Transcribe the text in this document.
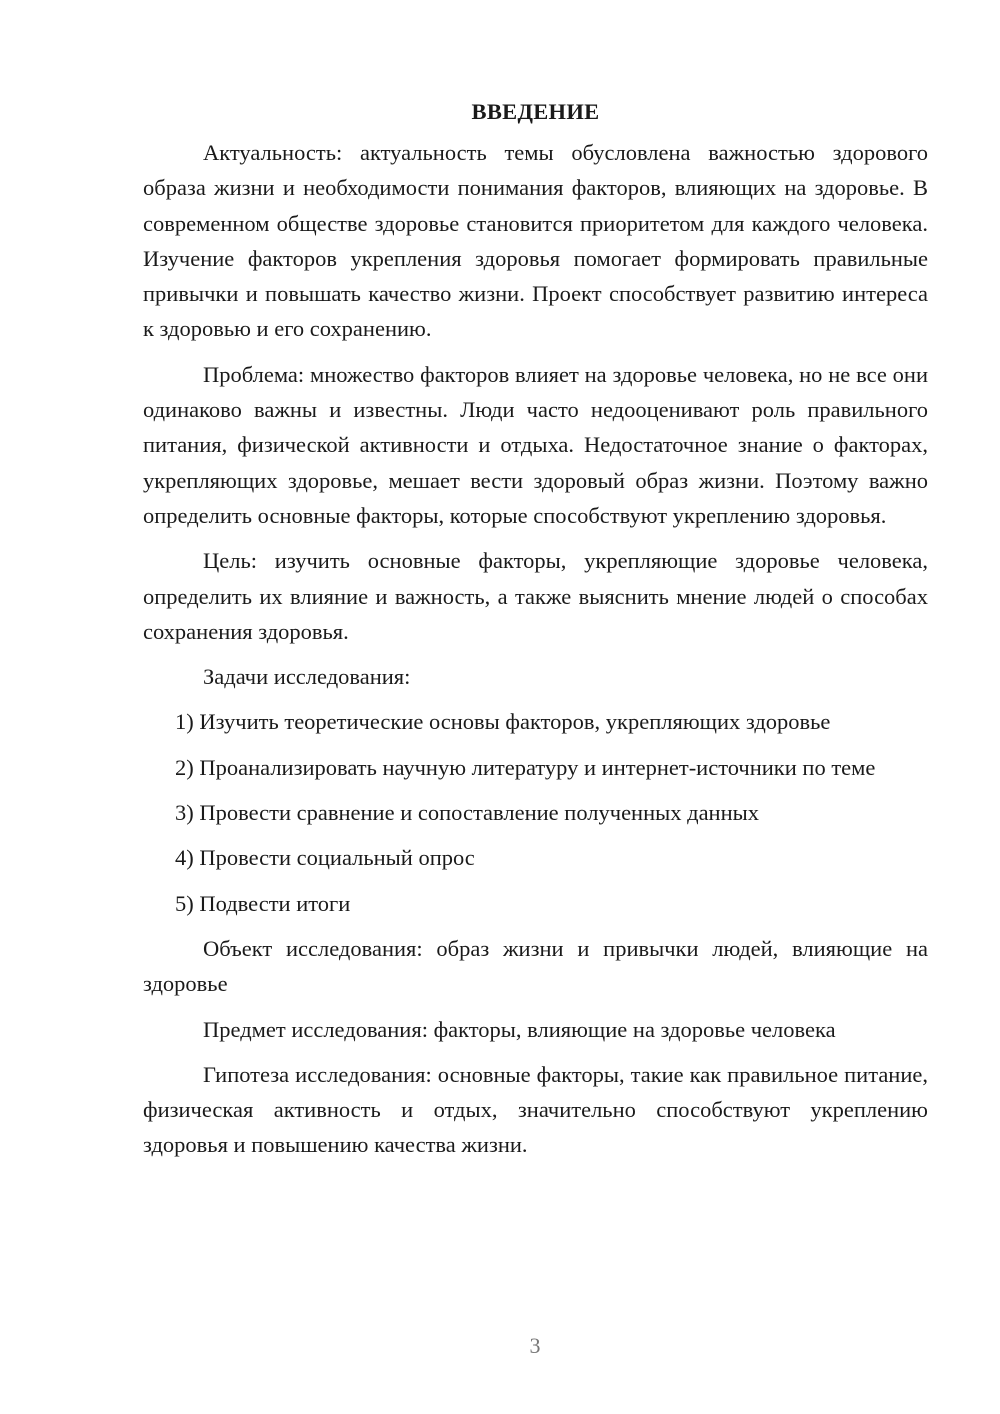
ВВЕДЕНИЕ

Актуальность: актуальность темы обусловлена важностью здорового образа жизни и необходимости понимания факторов, влияющих на здоровье. В современном обществе здоровье становится приоритетом для каждого человека. Изучение факторов укрепления здоровья помогает формировать правильные привычки и повышать качество жизни. Проект способствует развитию интереса к здоровью и его сохранению.

Проблема: множество факторов влияет на здоровье человека, но не все они одинаково важны и известны. Люди часто недооценивают роль правильного питания, физической активности и отдыха. Недостаточное знание о факторах, укрепляющих здоровье, мешает вести здоровый образ жизни. Поэтому важно определить основные факторы, которые способствуют укреплению здоровья.

Цель: изучить основные факторы, укрепляющие здоровье человека, определить их влияние и важность, а также выяснить мнение людей о способах сохранения здоровья.

Задачи исследования:

1) Изучить теоретические основы факторов, укрепляющих здоровье

2) Проанализировать научную литературу и интернет-источники по теме

3) Провести сравнение и сопоставление полученных данных

4) Провести социальный опрос

5) Подвести итоги

Объект исследования: образ жизни и привычки людей, влияющие на здоровье

Предмет исследования: факторы, влияющие на здоровье человека

Гипотеза исследования: основные факторы, такие как правильное питание, физическая активность и отдых, значительно способствуют укреплению здоровья и повышению качества жизни.

3
